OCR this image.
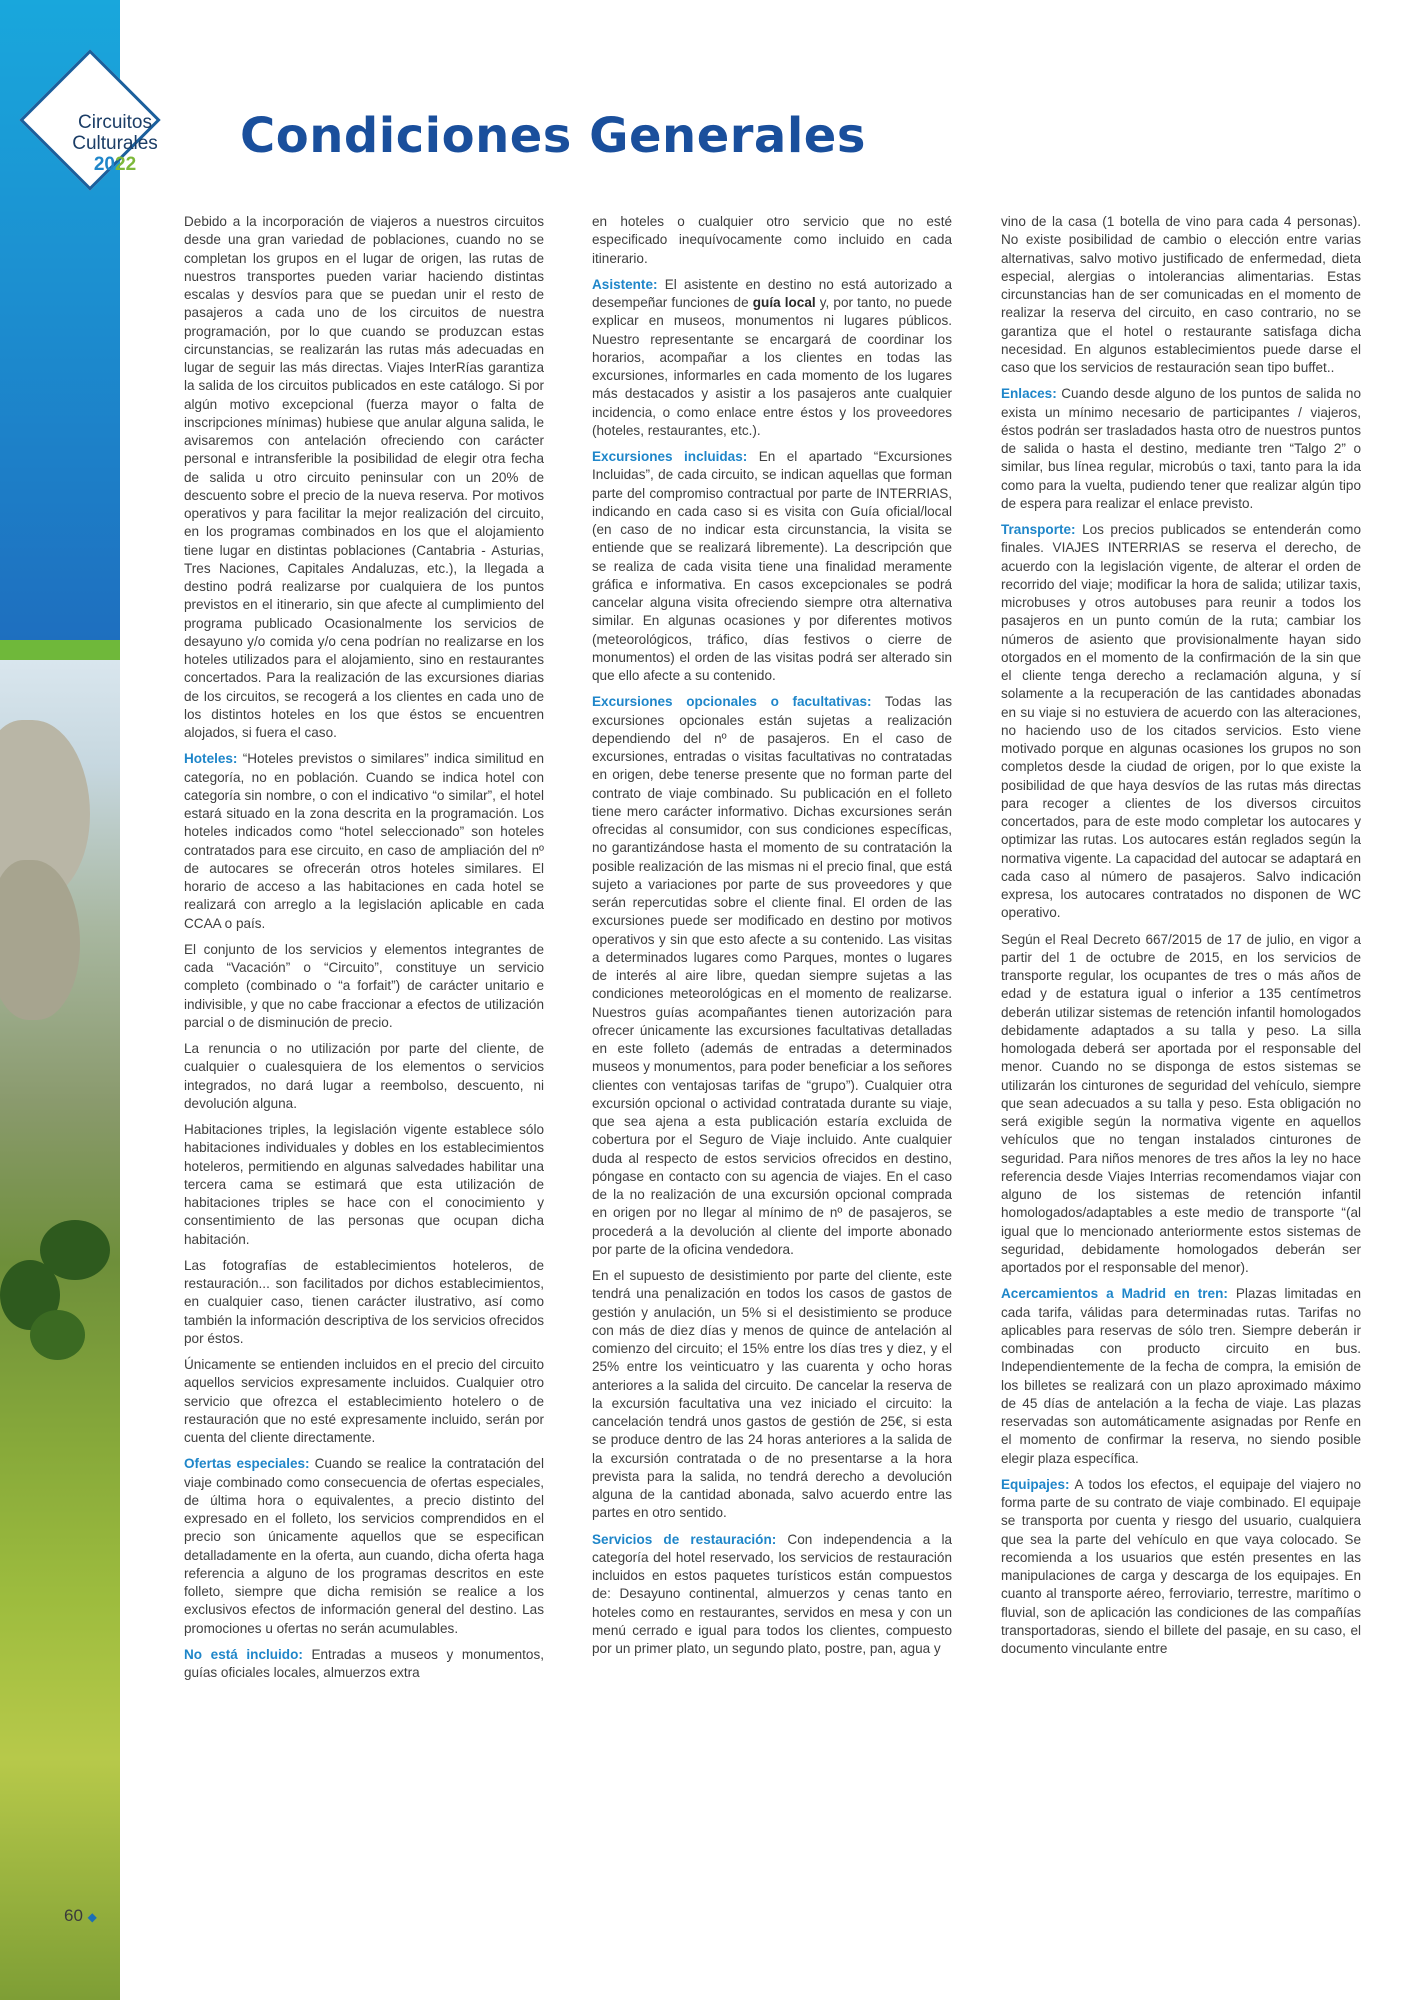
Circuitos
Culturales
2022
Condiciones Generales

Debido a la incorporación de viajeros a nuestros circuitos desde una gran variedad de poblaciones, cuando no se completan los grupos en el lugar de origen, las rutas de nuestros transportes pueden variar haciendo distintas escalas y desvíos para que se puedan unir el resto de pasajeros a cada uno de los circuitos de nuestra programación, por lo que cuando se produzcan estas circunstancias, se realizarán las rutas más adecuadas en lugar de seguir las más directas. Viajes InterRías garantiza la salida de los circuitos publicados en este catálogo. Si por algún motivo excepcional (fuerza mayor o falta de inscripciones mínimas) hubiese que anular alguna salida, le avisaremos con antelación ofreciendo con carácter personal e intransferible la posibilidad de elegir otra fecha de salida u otro circuito peninsular con un 20% de descuento sobre el precio de la nueva reserva. Por motivos operativos y para facilitar la mejor realización del circuito, en los programas combinados en los que el alojamiento tiene lugar en distintas poblaciones (Cantabria - Asturias, Tres Naciones, Capitales Andaluzas, etc.), la llegada a destino podrá realizarse por cualquiera de los puntos previstos en el itinerario, sin que afecte al cumplimiento del programa publicado Ocasionalmente los servicios de desayuno y/o comida y/o cena podrían no realizarse en los hoteles utilizados para el alojamiento, sino en restaurantes concertados. Para la realización de las excursiones diarias de los circuitos, se recogerá a los clientes en cada uno de los distintos hoteles en los que éstos se encuentren alojados, si fuera el caso.

Hoteles: “Hoteles previstos o similares” indica similitud en categoría, no en población. Cuando se indica hotel con categoría sin nombre, o con el indicativo “o similar”, el hotel estará situado en la zona descrita en la programación. Los hoteles indicados como “hotel seleccionado” son hoteles contratados para ese circuito, en caso de ampliación del nº de autocares se ofrecerán otros hoteles similares. El horario de acceso a las habitaciones en cada hotel se realizará con arreglo a la legislación aplicable en cada CCAA o país.

El conjunto de los servicios y elementos integrantes de cada “Vacación” o “Circuito”, constituye un servicio completo (combinado o “a forfait”) de carácter unitario e indivisible, y que no cabe fraccionar a efectos de utilización parcial o de disminución de precio.

La renuncia o no utilización por parte del cliente, de cualquier o cualesquiera de los elementos o servicios integrados, no dará lugar a reembolso, descuento, ni devolución alguna.

Habitaciones triples, la legislación vigente establece sólo habitaciones individuales y dobles en los establecimientos hoteleros, permitiendo en algunas salvedades habilitar una tercera cama se estimará que esta utilización de habitaciones triples se hace con el conocimiento y consentimiento de las personas que ocupan dicha habitación.

Las fotografías de establecimientos hoteleros, de restauración... son facilitados por dichos establecimientos, en cualquier caso, tienen carácter ilustrativo, así como también la información descriptiva de los servicios ofrecidos por éstos.

Únicamente se entienden incluidos en el precio del circuito aquellos servicios expresamente incluidos. Cualquier otro servicio que ofrezca el establecimiento hotelero o de restauración que no esté expresamente incluido, serán por cuenta del cliente directamente.

Ofertas especiales: Cuando se realice la contratación del viaje combinado como consecuencia de ofertas especiales, de última hora o equivalentes, a precio distinto del expresado en el folleto, los servicios comprendidos en el precio son únicamente aquellos que se especifican detalladamente en la oferta, aun cuando, dicha oferta haga referencia a alguno de los programas descritos en este folleto, siempre que dicha remisión se realice a los exclusivos efectos de información general del destino. Las promociones u ofertas no serán acumulables.

No está incluido: Entradas a museos y monumentos, guías oficiales locales, almuerzos extra

en hoteles o cualquier otro servicio que no esté especificado inequívocamente como incluido en cada itinerario.

Asistente: El asistente en destino no está autorizado a desempeñar funciones de guía local y, por tanto, no puede explicar en museos, monumentos ni lugares públicos. Nuestro representante se encargará de coordinar los horarios, acompañar a los clientes en todas las excursiones, informarles en cada momento de los lugares más destacados y asistir a los pasajeros ante cualquier incidencia, o como enlace entre éstos y los proveedores (hoteles, restaurantes, etc.).

Excursiones incluidas: En el apartado “Excursiones Incluidas”, de cada circuito, se indican aquellas que forman parte del compromiso contractual por parte de INTERRIAS, indicando en cada caso si es visita con Guía oficial/local (en caso de no indicar esta circunstancia, la visita se entiende que se realizará libremente). La descripción que se realiza de cada visita tiene una finalidad meramente gráfica e informativa. En casos excepcionales se podrá cancelar alguna visita ofreciendo siempre otra alternativa similar. En algunas ocasiones y por diferentes motivos (meteorológicos, tráfico, días festivos o cierre de monumentos) el orden de las visitas podrá ser alterado sin que ello afecte a su contenido.

Excursiones opcionales o facultativas: Todas las excursiones opcionales están sujetas a realización dependiendo del nº de pasajeros. En el caso de excursiones, entradas o visitas facultativas no contratadas en origen, debe tenerse presente que no forman parte del contrato de viaje combinado. Su publicación en el folleto tiene mero carácter informativo. Dichas excursiones serán ofrecidas al consumidor, con sus condiciones específicas, no garantizándose hasta el momento de su contratación la posible realización de las mismas ni el precio final, que está sujeto a variaciones por parte de sus proveedores y que serán repercutidas sobre el cliente final. El orden de las excursiones puede ser modificado en destino por motivos operativos y sin que esto afecte a su contenido. Las visitas a determinados lugares como Parques, montes o lugares de interés al aire libre, quedan siempre sujetas a las condiciones meteorológicas en el momento de realizarse. Nuestros guías acompañantes tienen autorización para ofrecer únicamente las excursiones facultativas detalladas en este folleto (además de entradas a determinados museos y monumentos, para poder beneficiar a los señores clientes con ventajosas tarifas de “grupo”). Cualquier otra excursión opcional o actividad contratada durante su viaje, que sea ajena a esta publicación estaría excluida de cobertura por el Seguro de Viaje incluido. Ante cualquier duda al respecto de estos servicios ofrecidos en destino, póngase en contacto con su agencia de viajes. En el caso de la no realización de una excursión opcional comprada en origen por no llegar al mínimo de nº de pasajeros, se procederá a la devolución al cliente del importe abonado por parte de la oficina vendedora.

En el supuesto de desistimiento por parte del cliente, este tendrá una penalización en todos los casos de gastos de gestión y anulación, un 5% si el desistimiento se produce con más de diez días y menos de quince de antelación al comienzo del circuito; el 15% entre los días tres y diez, y el 25% entre los veinticuatro y las cuarenta y ocho horas anteriores a la salida del circuito. De cancelar la reserva de la excursión facultativa una vez iniciado el circuito: la cancelación tendrá unos gastos de gestión de 25€, si esta se produce dentro de las 24 horas anteriores a la salida de la excursión contratada o de no presentarse a la hora prevista para la salida, no tendrá derecho a devolución alguna de la cantidad abonada, salvo acuerdo entre las partes en otro sentido.

Servicios de restauración: Con independencia a la categoría del hotel reservado, los servicios de restauración incluidos en estos paquetes turísticos están compuestos de: Desayuno continental, almuerzos y cenas tanto en hoteles como en restaurantes, servidos en mesa y con un menú cerrado e igual para todos los clientes, compuesto por un primer plato, un segundo plato, postre, pan, agua y

vino de la casa (1 botella de vino para cada 4 personas). No existe posibilidad de cambio o elección entre varias alternativas, salvo motivo justificado de enfermedad, dieta especial, alergias o intolerancias alimentarias. Estas circunstancias han de ser comunicadas en el momento de realizar la reserva del circuito, en caso contrario, no se garantiza que el hotel o restaurante satisfaga dicha necesidad. En algunos establecimientos puede darse el caso que los servicios de restauración sean tipo buffet..

Enlaces: Cuando desde alguno de los puntos de salida no exista un mínimo necesario de participantes / viajeros, éstos podrán ser trasladados hasta otro de nuestros puntos de salida o hasta el destino, mediante tren “Talgo 2” o similar, bus línea regular, microbús o taxi, tanto para la ida como para la vuelta, pudiendo tener que realizar algún tipo de espera para realizar el enlace previsto.

Transporte: Los precios publicados se entenderán como finales. VIAJES INTERRIAS se reserva el derecho, de acuerdo con la legislación vigente, de alterar el orden de recorrido del viaje; modificar la hora de salida; utilizar taxis, microbuses y otros autobuses para reunir a todos los pasajeros en un punto común de la ruta; cambiar los números de asiento que provisionalmente hayan sido otorgados en el momento de la confirmación de la sin que el cliente tenga derecho a reclamación alguna, y sí solamente a la recuperación de las cantidades abonadas en su viaje si no estuviera de acuerdo con las alteraciones, no haciendo uso de los citados servicios. Esto viene motivado porque en algunas ocasiones los grupos no son completos desde la ciudad de origen, por lo que existe la posibilidad de que haya desvíos de las rutas más directas para recoger a clientes de los diversos circuitos concertados, para de este modo completar los autocares y optimizar las rutas. Los autocares están reglados según la normativa vigente. La capacidad del autocar se adaptará en cada caso al número de pasajeros. Salvo indicación expresa, los autocares contratados no disponen de WC operativo.

Según el Real Decreto 667/2015 de 17 de julio, en vigor a partir del 1 de octubre de 2015, en los servicios de transporte regular, los ocupantes de tres o más años de edad y de estatura igual o inferior a 135 centímetros deberán utilizar sistemas de retención infantil homologados debidamente adaptados a su talla y peso. La silla homologada deberá ser aportada por el responsable del menor. Cuando no se disponga de estos sistemas se utilizarán los cinturones de seguridad del vehículo, siempre que sean adecuados a su talla y peso. Esta obligación no será exigible según la normativa vigente en aquellos vehículos que no tengan instalados cinturones de seguridad. Para niños menores de tres años la ley no hace referencia desde Viajes Interrias recomendamos viajar con alguno de los sistemas de retención infantil homologados/adaptables a este medio de transporte “(al igual que lo mencionado anteriormente estos sistemas de seguridad, debidamente homologados deberán ser aportados por el responsable del menor).

Acercamientos a Madrid en tren: Plazas limitadas en cada tarifa, válidas para determinadas rutas. Tarifas no aplicables para reservas de sólo tren. Siempre deberán ir combinadas con producto circuito en bus. Independientemente de la fecha de compra, la emisión de los billetes se realizará con un plazo aproximado máximo de 45 días de antelación a la fecha de viaje. Las plazas reservadas son automáticamente asignadas por Renfe en el momento de confirmar la reserva, no siendo posible elegir plaza específica.

Equipajes: A todos los efectos, el equipaje del viajero no forma parte de su contrato de viaje combinado. El equipaje se transporta por cuenta y riesgo del usuario, cualquiera que sea la parte del vehículo en que vaya colocado. Se recomienda a los usuarios que estén presentes en las manipulaciones de carga y descarga de los equipajes. En cuanto al transporte aéreo, ferroviario, terrestre, marítimo o fluvial, son de aplicación las condiciones de las compañías transportadoras, siendo el billete del pasaje, en su caso, el documento vinculante entre

60 ◆
